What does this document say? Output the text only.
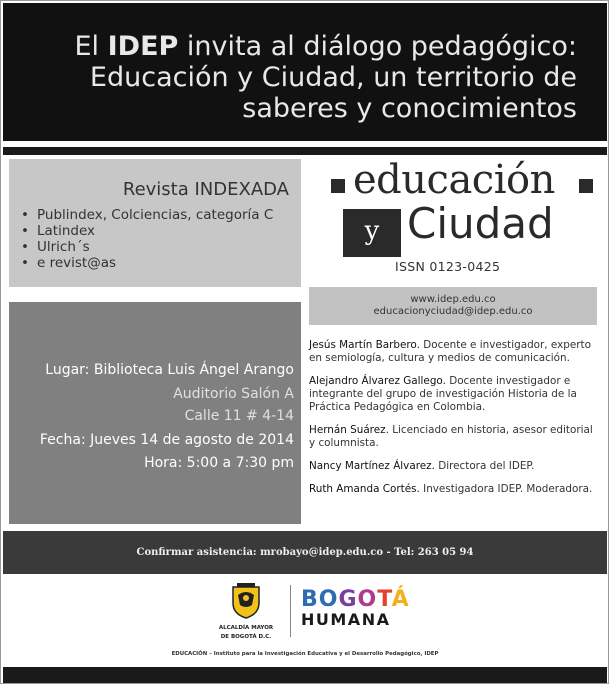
El IDEP invita al diálogo pedagógico:
Educación y Ciudad, un territorio de
saberes y conocimientos
Revista INDEXADA
• Publindex, Colciencias, categoría C
• Latindex
• Ulrich´s
• e revist@as
educación
y Ciudad
ISSN 0123-0425
www.idep.edu.co
educacionyciudad@idep.edu.co
Lugar: Biblioteca Luis Ángel Arango
Auditorio Salón A
Calle 11 # 4-14
Fecha: Jueves 14 de agosto de 2014
Hora: 5:00 a 7:30 pm
Jesús Martín Barbero. Docente e investigador, experto en semiología, cultura y medios de comunicación.
Alejandro Álvarez Gallego. Docente investigador e integrante del grupo de investigación Historia de la Práctica Pedagógica en Colombia.
Hernán Suárez. Licenciado en historia, asesor editorial y columnista.
Nancy Martínez Álvarez. Directora del IDEP.
Ruth Amanda Cortés. Investigadora IDEP. Moderadora.
Confirmar asistencia: mrobayo@idep.edu.co - Tel: 263 05 94
ALCALDÍA MAYOR
DE BOGOTÁ D.C.
BOGOTÁ
HUMANA
EDUCACIÓN – Instituto para la Investigación Educativa y el Desarrollo Pedagógico, IDEP
